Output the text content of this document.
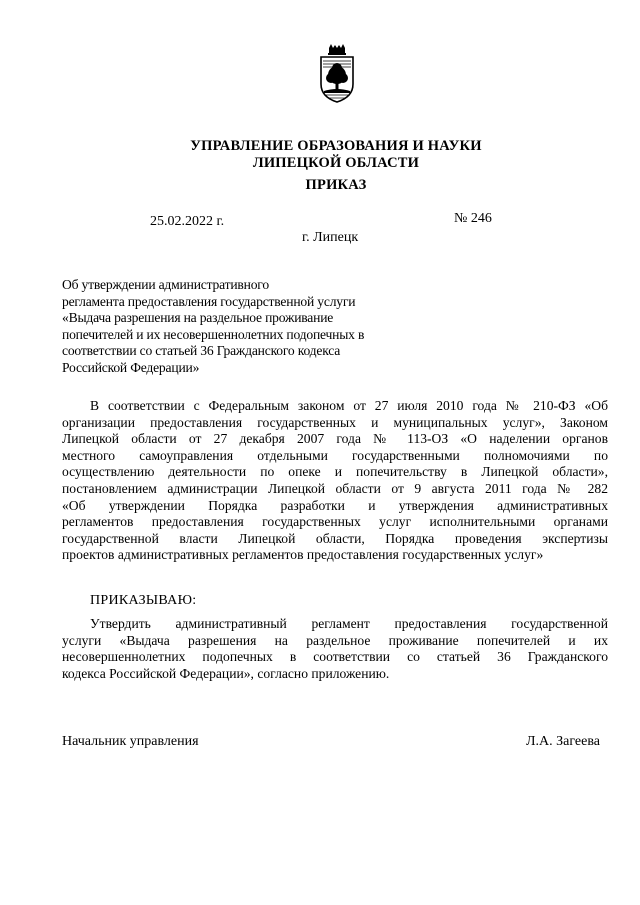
УПРАВЛЕНИЕ ОБРАЗОВАНИЯ И НАУКИ
ЛИПЕЦКОЙ ОБЛАСТИ
ПРИКАЗ
25.02.2022 г.	№ 246
г. Липецк
Об утверждении административного
регламента предоставления государственной услуги
«Выдача разрешения на раздельное проживание
попечителей и их несовершеннолетних подопечных в
соответствии со статьей 36 Гражданского кодекса
Российской Федерации»
В соответствии с Федеральным законом от 27 июля 2010 года № 210-ФЗ «Об
организации предоставления государственных и муниципальных услуг», Законом
Липецкой области от 27 декабря 2007 года № 113-ОЗ «О наделении органов
местного самоуправления отдельными государственными полномочиями по
осуществлению деятельности по опеке и попечительству в Липецкой области»,
постановлением администрации Липецкой области от 9 августа 2011 года № 282
«Об утверждении Порядка разработки и утверждения административных
регламентов предоставления государственных услуг исполнительными органами
государственной власти Липецкой области, Порядка проведения экспертизы
проектов административных регламентов предоставления государственных услуг»
ПРИКАЗЫВАЮ:
Утвердить административный регламент предоставления государственной
услуги «Выдача разрешения на раздельное проживание попечителей и их
несовершеннолетних подопечных в соответствии со статьей 36 Гражданского
кодекса Российской Федерации», согласно приложению.
Начальник управления	Л.А. Загеева
